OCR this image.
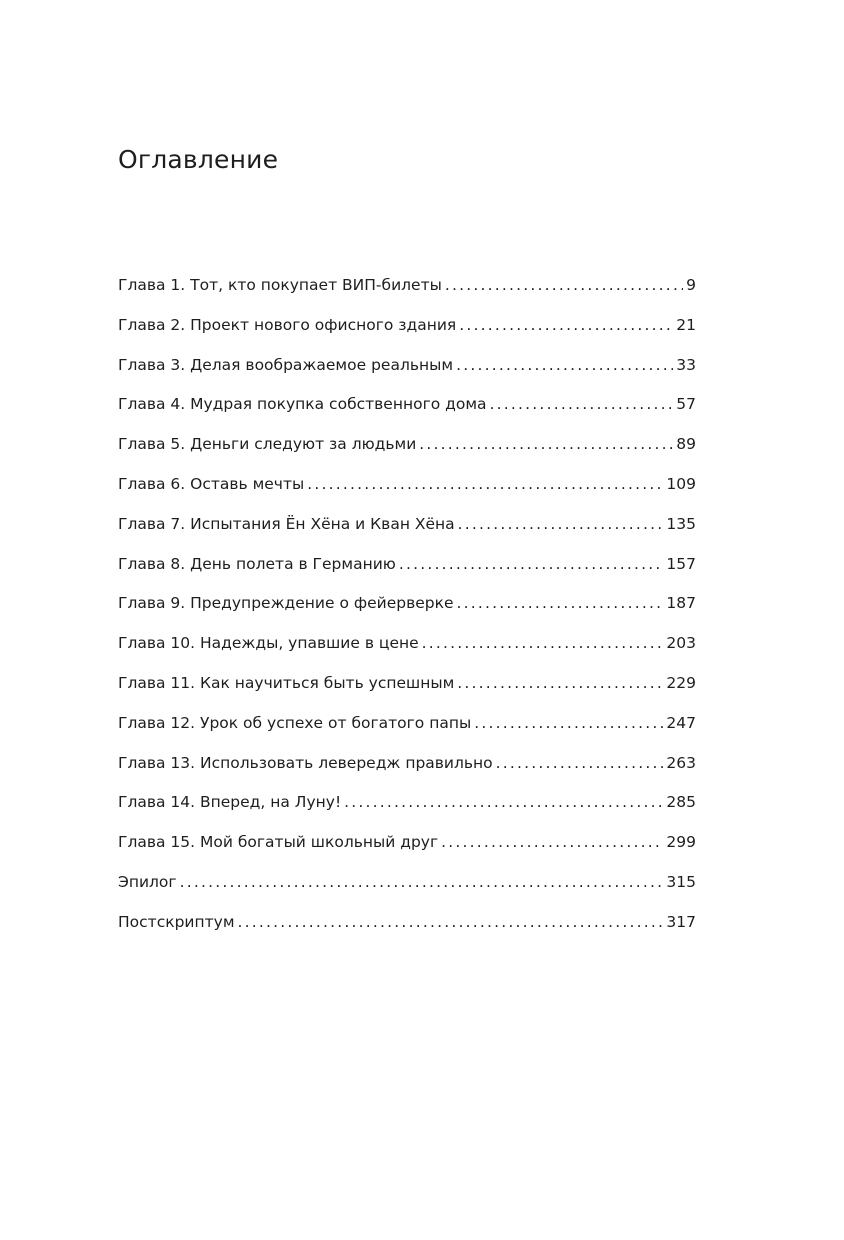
Оглавление
Глава 1. Тот, кто покупает ВИП-билеты .....	9
Глава 2. Проект нового офисного здания .....	21
Глава 3. Делая воображаемое реальным .....	33
Глава 4. Мудрая покупка собственного дома .....	57
Глава 5. Деньги следуют за людьми .....	89
Глава 6. Оставь мечты .....	109
Глава 7. Испытания Ён Хёна и Кван Хёна .....	135
Глава 8. День полета в Германию .....	157
Глава 9. Предупреждение о фейерверке .....	187
Глава 10. Надежды, упавшие в цене .....	203
Глава 11. Как научиться быть успешным .....	229
Глава 12. Урок об успехе от богатого папы .....	247
Глава 13. Использовать левередж правильно .....	263
Глава 14. Вперед, на Луну! .....	285
Глава 15. Мой богатый школьный друг .....	299
Эпилог .....	315
Постскриптум .....	317
